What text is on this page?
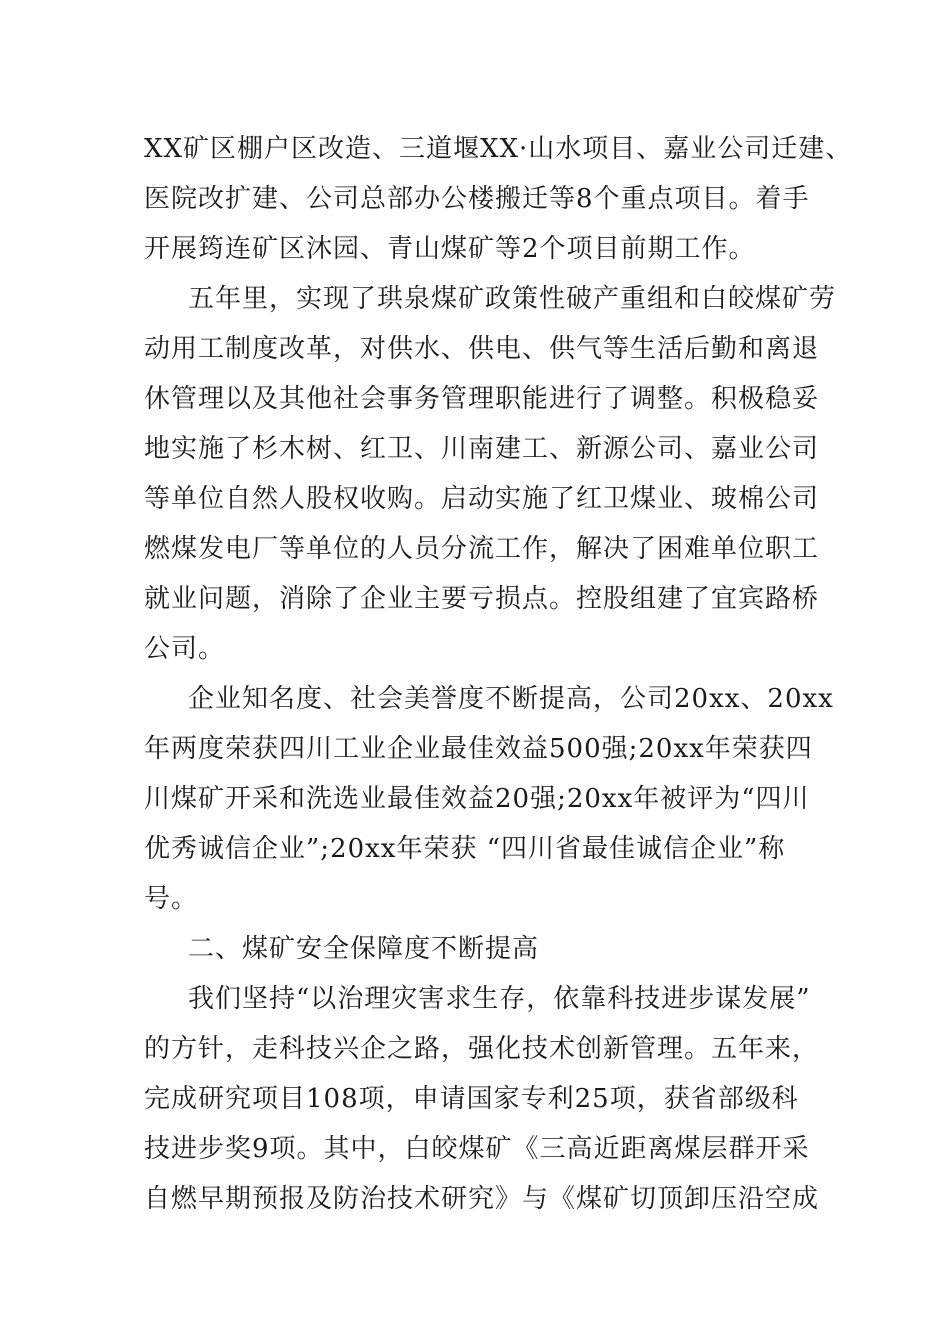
XX矿区棚户区改造、三道堰XX·山水项目、嘉业公司迁建、
医院改扩建、公司总部办公楼搬迁等8个重点项目。着手
开展筠连矿区沐园、青山煤矿等2个项目前期工作。
五年里，实现了珙泉煤矿政策性破产重组和白皎煤矿劳
动用工制度改革，对供水、供电、供气等生活后勤和离退
休管理以及其他社会事务管理职能进行了调整。积极稳妥
地实施了杉木树、红卫、川南建工、新源公司、嘉业公司
等单位自然人股权收购。启动实施了红卫煤业、玻棉公司
燃煤发电厂等单位的人员分流工作，解决了困难单位职工
就业问题，消除了企业主要亏损点。控股组建了宜宾路桥
公司。
企业知名度、社会美誉度不断提高，公司20xx、20xx
年两度荣获四川工业企业最佳效益500强;20xx年荣获四
川煤矿开采和洗选业最佳效益20强;20xx年被评为“四川
优秀诚信企业”;20xx年荣获 “四川省最佳诚信企业”称
号。
二、煤矿安全保障度不断提高
我们坚持“以治理灾害求生存，依靠科技进步谋发展”
的方针，走科技兴企之路，强化技术创新管理。五年来，
完成研究项目108项，申请国家专利25项，获省部级科
技进步奖9项。其中，白皎煤矿《三高近距离煤层群开采
自燃早期预报及防治技术研究》与《煤矿切顶卸压沿空成
